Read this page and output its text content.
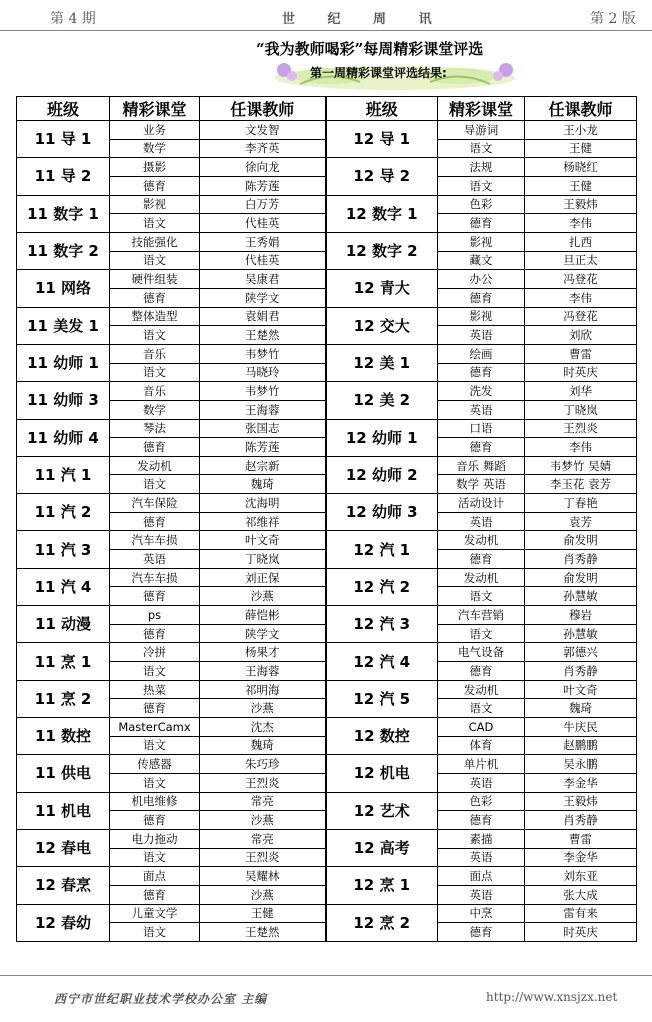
第 4 期	世 纪 周 讯	第 2 版
“我为教师喝彩”每周精彩课堂评选
第一周精彩课堂评选结果:
班级	精彩课堂	任课教师	班级	精彩课堂	任课教师
11 导 1	业务	文发智	12 导 1	导游词	王小龙
	数学	李齐英		语文	王健
11 导 2	摄影	徐向龙	12 导 2	法规	杨晓红
	德育	陈芳莲		语文	王健
11 数字 1	影视	白万芳	12 数字 1	色彩	王毅炜
	语文	代桂英		德育	李伟
11 数字 2	技能强化	王秀娟	12 数字 2	影视	扎西
	语文	代桂英		藏文	旦正太
11 网络	硬件组装	吴康君	12 青大	办公	冯登花
	德育	陕学文		德育	李伟
11 美发 1	整体造型	袁娟君	12 交大	影视	冯登花
	语文	王楚然		英语	刘欣
11 幼师 1	音乐	韦梦竹	12 美 1	绘画	曹雷
	语文	马晓玲		德育	时英庆
11 幼师 3	音乐	韦梦竹	12 美 2	洗发	刘华
	数学	王海蓉		英语	丁晓岚
11 幼师 4	琴法	张国志	12 幼师 1	口语	王烈炎
	德育	陈芳莲		德育	李伟
11 汽 1	发动机	赵宗新	12 幼师 2	音乐 舞蹈	韦梦竹 吴婧
	语文	魏琦		数学 英语	李玉花 袁芳
11 汽 2	汽车保险	沈海明	12 幼师 3	活动设计	丁春艳
	德育	祁维祥		英语	袁芳
11 汽 3	汽车车损	叶文奇	12 汽 1	发动机	俞发明
	英语	丁晓岚		德育	肖秀静
11 汽 4	汽车车损	刘正保	12 汽 2	发动机	俞发明
	德育	沙燕		语文	孙慧敏
11 动漫	ps	薛恺彬	12 汽 3	汽车营销	穆岩
	德育	陕学文		语文	孙慧敏
11 烹 1	冷拼	杨果才	12 汽 4	电气设备	郭德兴
	语文	王海蓉		德育	肖秀静
11 烹 2	热菜	祁明海	12 汽 5	发动机	叶文奇
	德育	沙燕		语文	魏琦
11 数控	MasterCamx	沈杰	12 数控	CAD	牛庆民
	语文	魏琦		体育	赵鹏鹏
11 供电	传感器	朱巧珍	12 机电	单片机	吴永鹏
	语文	王烈炎		英语	李金华
11 机电	机电维修	常亮	12 艺术	色彩	王毅炜
	德育	沙燕		德育	肖秀静
12 春电	电力拖动	常亮	12 高考	素描	曹雷
	语文	王烈炎		英语	李金华
12 春烹	面点	吴耀林	12 烹 1	面点	刘东亚
	德育	沙燕		英语	张大成
12 春幼	儿童文学	王健	12 烹 2	中烹	雷有来
	语文	王楚然		德育	时英庆
西宁市世纪职业技术学校办公室 主编	http://www.xnsjzx.net
